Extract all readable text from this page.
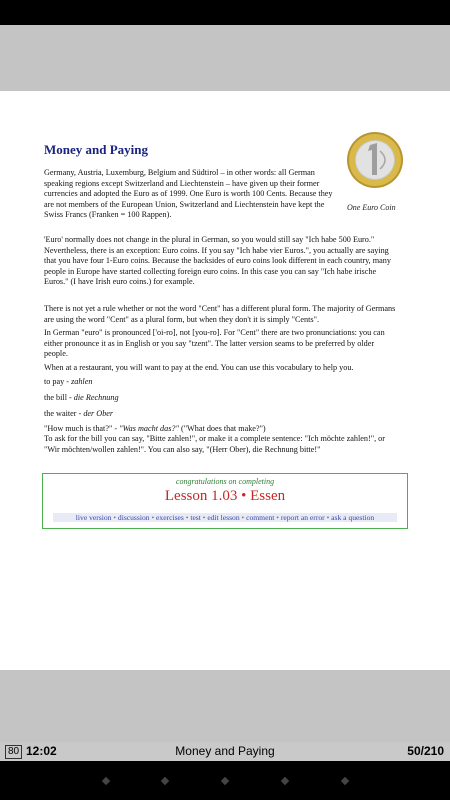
Money and Paying
One Euro Coin
Germany, Austria, Luxemburg, Belgium and Südtirol – in other words: all German speaking regions except Switzerland and Liechtenstein – have given up their former currencies and adopted the Euro as of 1999. One Euro is worth 100 Cents. Because they are not members of the European Union, Switzerland and Liechtenstein have kept the Swiss Francs (Franken = 100 Rappen).
'Euro' normally does not change in the plural in German, so you would still say "Ich habe 500 Euro." Nevertheless, there is an exception: Euro coins. If you say "Ich habe vier Euros.", you actually are saying that you have four 1-Euro coins. Because the backsides of euro coins look different in each country, many people in Europe have started collecting foreign euro coins. In this case you can say "Ich habe irische Euros." (I have Irish euro coins.) for example.
There is not yet a rule whether or not the word "Cent" has a different plural form. The majority of Germans are using the word "Cent" as a plural form, but when they don't it is simply "Cents".
In German "euro" is pronounced ['oi-ro], not [you-ro]. For "Cent" there are two pronunciations: you can either pronounce it as in English or you say "tzent". The latter version seams to be preferred by older people.
When at a restaurant, you will want to pay at the end. You can use this vocabulary to help you.
to pay - zahlen
the bill - die Rechnung
the waiter - der Ober
"How much is that?" - "Was macht das?" ("What does that make?")
To ask for the bill you can say, "Bitte zahlen!", or make it a complete sentence: "Ich möchte zahlen!", or "Wir möchten/wollen zahlen!". You can also say, "(Herr Ober), die Rechnung bitte!"
congratulations on completing
Lesson 1.03 • Essen
live version • discussion • exercises • test • edit lesson • comment • report an error • ask a question
80 12:02	Money and Paying	50/210
